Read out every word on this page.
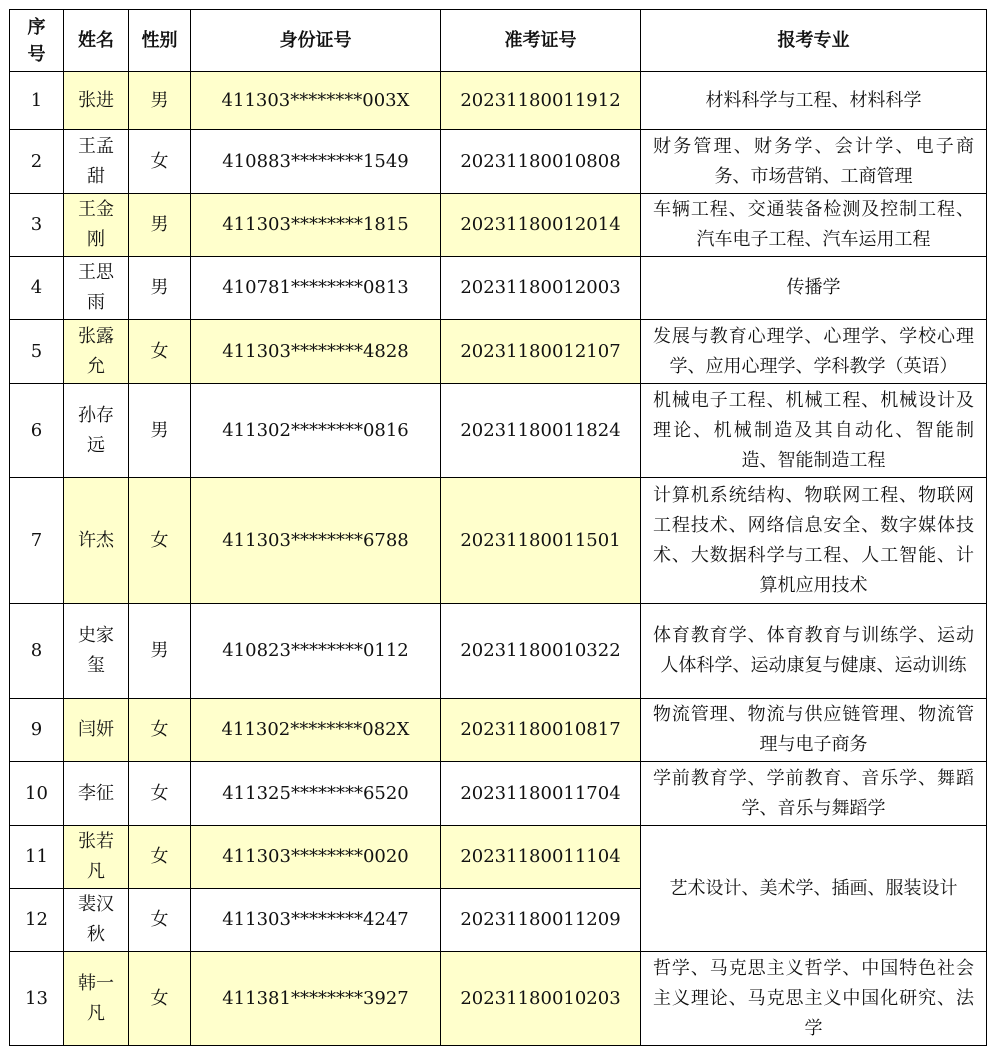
序号	姓名	性别	身份证号	准考证号	报考专业
1	张进	男	411303********003X	20231180011912	材料科学与工程、材料科学
2	王孟甜	女	410883********1549	20231180010808	财务管理、财务学、会计学、电子商务、市场营销、工商管理
3	王金刚	男	411303********1815	20231180012014	车辆工程、交通装备检测及控制工程、汽车电子工程、汽车运用工程
4	王思雨	男	410781********0813	20231180012003	传播学
5	张露允	女	411303********4828	20231180012107	发展与教育心理学、心理学、学校心理学、应用心理学、学科教学（英语）
6	孙存远	男	411302********0816	20231180011824	机械电子工程、机械工程、机械设计及理论、机械制造及其自动化、智能制造、智能制造工程
7	许杰	女	411303********6788	20231180011501	计算机系统结构、物联网工程、物联网工程技术、网络信息安全、数字媒体技术、大数据科学与工程、人工智能、计算机应用技术
8	史家玺	男	410823********0112	20231180010322	体育教育学、体育教育与训练学、运动人体科学、运动康复与健康、运动训练
9	闫妍	女	411302********082X	20231180010817	物流管理、物流与供应链管理、物流管理与电子商务
10	李征	女	411325********6520	20231180011704	学前教育学、学前教育、音乐学、舞蹈学、音乐与舞蹈学
11	张若凡	女	411303********0020	20231180011104	艺术设计、美术学、插画、服装设计
12	裴汉秋	女	411303********4247	20231180011209	
13	韩一凡	女	411381********3927	20231180010203	哲学、马克思主义哲学、中国特色社会主义理论、马克思主义中国化研究、法学
